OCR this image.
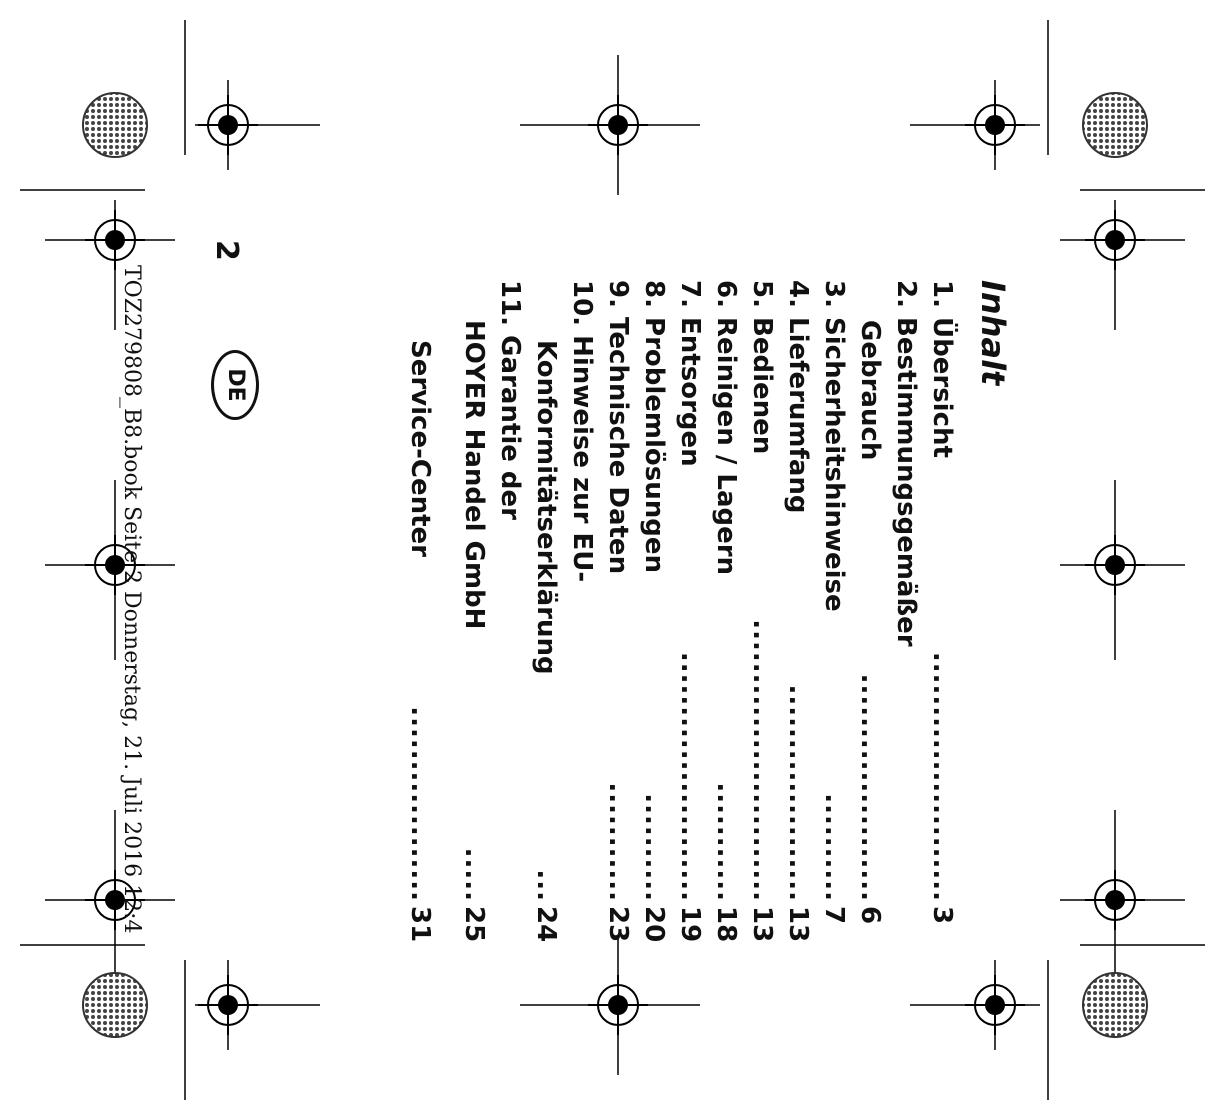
TOZ279808_B8.book Seite 2 Donnerstag, 21. Juli 2016 12:4	Inhalt
1. Übersicht
.......................
3
2. Bestimmungsgemäßer
Gebrauch
.....................
6
3. Sicherheitshinweise
..........
7
4. Lieferumfang
....................
13
5. Bedienen
..........................
13
6. Reinigen / Lagern
...........
18
7. Entsorgen
.......................
19
8. Problemlösungen
..........
20
9. Technische Daten
...........
23
10. Hinweise zur EU-
Konformitätserklärung
...
24
11. Garantie der
HOYER Handel GmbH
.....
25
Service-Center
..................
31
2
DE
